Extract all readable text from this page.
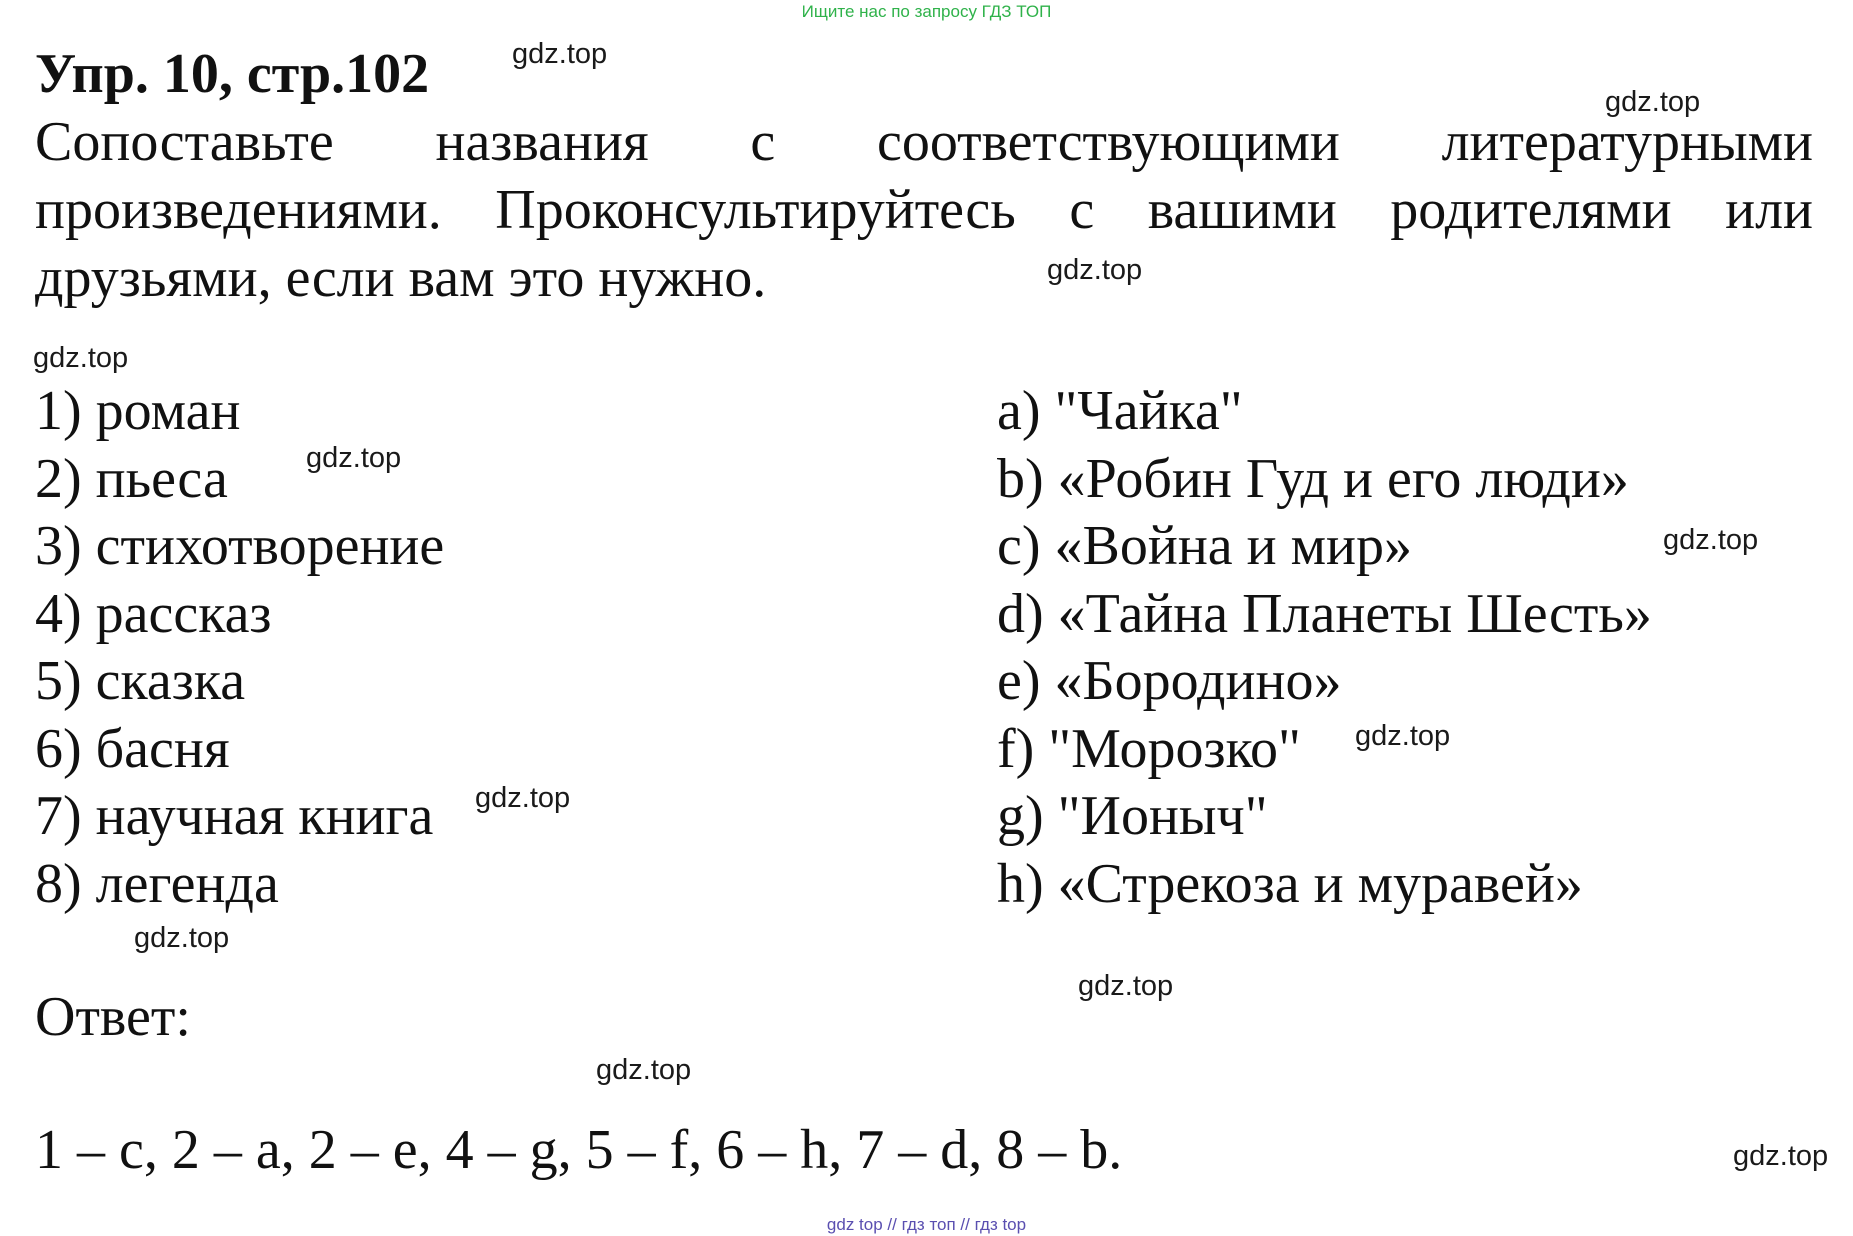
Ищите нас по запросу ГДЗ ТОП
Упр. 10, стр.102
Сопоставьте названия с соответствующими литературными произведениями. Проконсультируйтесь с вашими родителями или друзьями, если вам это нужно.
1) роман
2) пьеса
3) стихотворение
4) рассказ
5) сказка
6) басня
7) научная книга
8) легенда
a) "Чайка"
b) «Робин Гуд и его люди»
c) «Война и мир»
d) «Тайна Планеты Шесть»
e) «Бородино»
f) "Морозко"
g) "Ионыч"
h) «Стрекоза и муравей»
Ответ:
1 – c, 2 – a, 2 – e, 4 – g, 5 – f, 6 – h, 7 – d, 8 – b.
gdz.top
gdz.top
gdz.top
gdz.top
gdz.top
gdz.top
gdz.top
gdz.top
gdz.top
gdz.top
gdz.top
gdz.top
gdz top // гдз топ // гдз top
